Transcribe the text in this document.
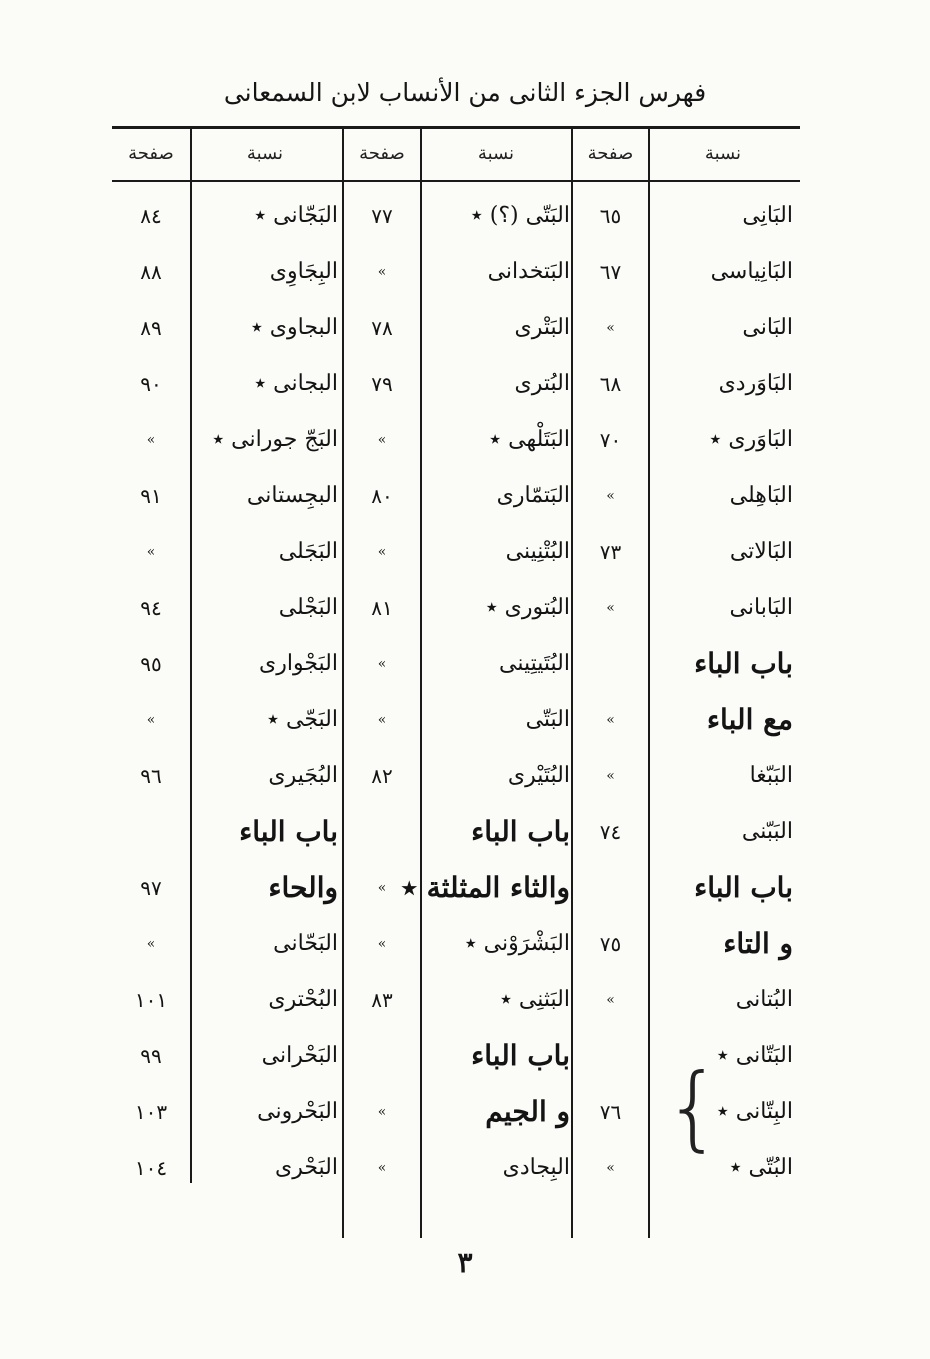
فهرس الجزء الثانى من الأنساب لابن السمعانى
نسبة
صفحة
نسبة
صفحة
نسبة
صفحة
البَانِى
٦٥
البَتّى (؟) ٭
٧٧
البَجّانى ٭
٨٤
البَانِياسى
٦٧
البَتخدانى
»
البِجَاوِى
٨٨
البَانى
»
البَتْرى
٧٨
البجاوى ٭
٨٩
البَاوَردى
٦٨
البُترى
٧٩
البجانى ٭
٩٠
البَاوَرى ٭
٧٠
البَتَلْهى ٭
»
البَجّ جورانى ٭
»
البَاهِلى
»
البَتمّارى
٨٠
البجِستانى
٩١
البَالاتى
٧٣
البُتْنِينى
»
البَجَلى
»
البَابانى
»
البُتورى ٭
٨١
البَجْلى
٩٤
باب الباء
البُتَيتِينى
»
البَجْوارى
٩٥
مع الباء
»
البَتّى
»
البَجّى ٭
»
البَبّغا
»
البُتَيْرى
٨٢
البُجَيرى
٩٦
البَبّنى
٧٤
باب الباء
باب الباء
باب الباء
والثاء المثلثة ٭
»
والحاء
٩٧
و التاء
٧٥
البَشْرَوْنى ٭
»
البَحّانى
»
البُتانى
»
البَثنِى ٭
٨٣
البُحْترى
١٠١
البَتّانى ٭
باب الباء
البَحْرانى
٩٩
البِتّانى ٭
٧٦
و الجيم
»
البَحْرونى
١٠٣
البُتّى ٭
»
البِجادى
»
البَحْرى
١٠٤
{
٣
